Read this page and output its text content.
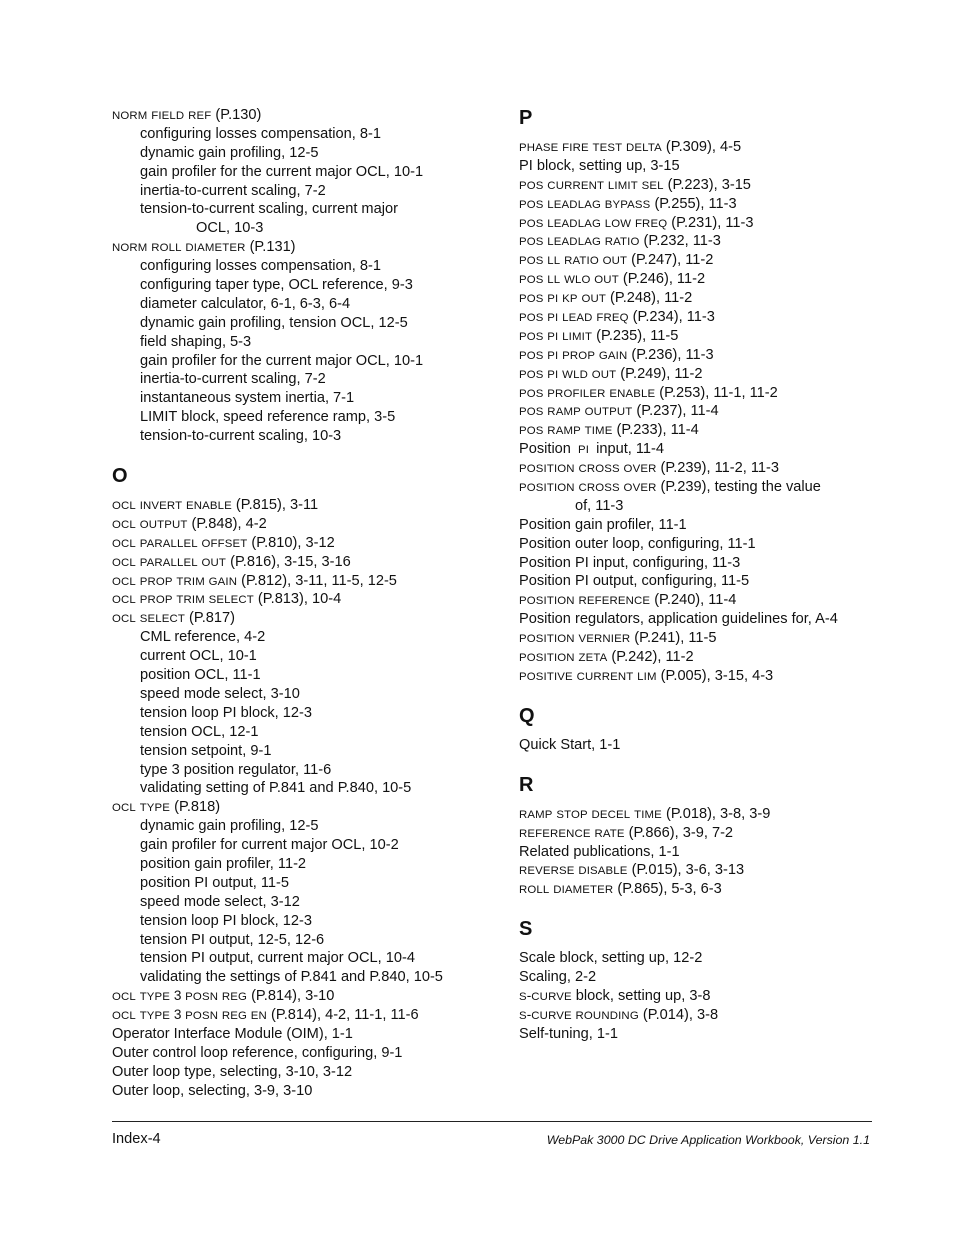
NORM FIELD REF (P.130)
configuring losses compensation, 8-1
dynamic gain profiling, 12-5
gain profiler for the current major OCL, 10-1
inertia-to-current scaling, 7-2
tension-to-current scaling, current major
OCL, 10-3
NORM ROLL DIAMETER (P.131)
configuring losses compensation, 8-1
configuring taper type, OCL reference, 9-3
diameter calculator, 6-1, 6-3, 6-4
dynamic gain profiling, tension OCL, 12-5
field shaping, 5-3
gain profiler for the current major OCL, 10-1
inertia-to-current scaling, 7-2
instantaneous system inertia, 7-1
LIMIT block, speed reference ramp, 3-5
tension-to-current scaling, 10-3
O
OCL INVERT ENABLE (P.815), 3-11
OCL OUTPUT (P.848), 4-2
OCL PARALLEL OFFSET (P.810), 3-12
OCL PARALLEL OUT (P.816), 3-15, 3-16
OCL PROP TRIM GAIN (P.812), 3-11, 11-5, 12-5
OCL PROP TRIM SELECT (P.813), 10-4
OCL SELECT (P.817)
CML reference, 4-2
current OCL, 10-1
position OCL, 11-1
speed mode select, 3-10
tension loop PI block, 12-3
tension OCL, 12-1
tension setpoint, 9-1
type 3 position regulator, 11-6
validating setting of P.841 and P.840, 10-5
OCL TYPE (P.818)
dynamic gain profiling, 12-5
gain profiler for current major OCL, 10-2
position gain profiler, 11-2
position PI output, 11-5
speed mode select, 3-12
tension loop PI block, 12-3
tension PI output, 12-5, 12-6
tension PI output, current major OCL, 10-4
validating the settings of P.841 and P.840, 10-5
OCL TYPE 3 POSN REG (P.814), 3-10
OCL TYPE 3 POSN REG EN (P.814), 4-2, 11-1, 11-6
Operator Interface Module (OIM), 1-1
Outer control loop reference, configuring, 9-1
Outer loop type, selecting, 3-10, 3-12
Outer loop, selecting, 3-9, 3-10
P
PHASE FIRE TEST DELTA (P.309), 4-5
PI block, setting up, 3-15
POS CURRENT LIMIT SEL (P.223), 3-15
POS LEADLAG BYPASS (P.255), 11-3
POS LEADLAG LOW FREQ (P.231), 11-3
POS LEADLAG RATIO (P.232, 11-3
POS LL RATIO OUT (P.247), 11-2
POS LL WLO OUT (P.246), 11-2
POS PI KP OUT (P.248), 11-2
POS PI LEAD FREQ (P.234), 11-3
POS PI LIMIT (P.235), 11-5
POS PI PROP GAIN (P.236), 11-3
POS PI WLD OUT (P.249), 11-2
POS PROFILER ENABLE (P.253), 11-1, 11-2
POS RAMP OUTPUT (P.237), 11-4
POS RAMP TIME (P.233), 11-4
Position PI input, 11-4
POSITION CROSS OVER (P.239), 11-2, 11-3
POSITION CROSS OVER (P.239), testing the value
of, 11-3
Position gain profiler, 11-1
Position outer loop, configuring, 11-1
Position PI input, configuring, 11-3
Position PI output, configuring, 11-5
POSITION REFERENCE (P.240), 11-4
Position regulators, application guidelines for, A-4
POSITION VERNIER (P.241), 11-5
POSITION ZETA (P.242), 11-2
POSITIVE CURRENT LIM (P.005), 3-15, 4-3
Q
Quick Start, 1-1
R
RAMP STOP DECEL TIME (P.018), 3-8, 3-9
REFERENCE RATE (P.866), 3-9, 7-2
Related publications, 1-1
REVERSE DISABLE (P.015), 3-6, 3-13
ROLL DIAMETER (P.865), 5-3, 6-3
S
Scale block, setting up, 12-2
Scaling, 2-2
S-CURVE block, setting up, 3-8
S-CURVE ROUNDING (P.014), 3-8
Self-tuning, 1-1
Index-4	WebPak 3000 DC Drive Application Workbook, Version 1.1
